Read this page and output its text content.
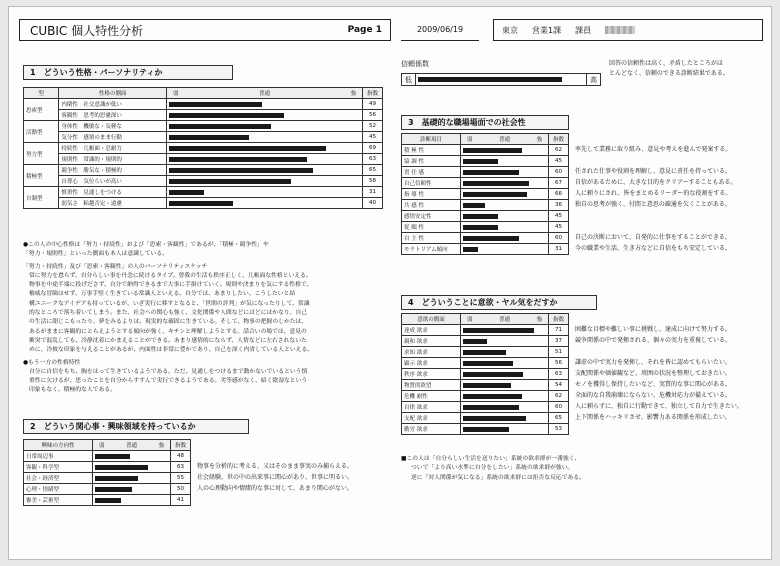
CUBIC 個人特性分析	Page 1	2009/06/19	東京 営業1課 課員
信頼係数
低	高
回答の信頼性は高く、矛盾したところがほ
とんどなく、信頼のできる診断結果である。
1 どういう性格・パーソナリティか
型	性格の側面	弱 普通 強	指数
思索型	内閉性　社交意識が低い		49
	客観性　思考的思慮深い		56
活動型	身体性　機敏な・気軽な		52
	気分性　感情のまま行動		45
努力型	持続性　几帳面・忍耐力		69
	規則性　常識的・規則的		63
積極型	競争性　勝気な・積極的		65
	自尊心　気位らいが高い		58
自制型	慎重性　見通しをつける		31
	弱気さ　粘越否定・遠慮		40
●この人の中心性格は「努力・持続性」および「思索・客観性」であるが、「積極・競争性」や
「努力・規則性」といった側面も本人は意識している。
「努力・持続性」及び「思索・客観性」の人のパーソナリティスケッチ
常に努力を怠らず、自分らしい事を丹念に続けるタイプ。曾我の生活も秩序正しく、几帳面な性格といえる。
物事を中途半端に投げださず、自分で納得できるまで大事に手掛けていく。規則や決まりを気にする性格で、
権威な冒険はせず、万事手堅く生きている常識人といえる。自分では、あまりしたい、こうしたいと結
構ユニークなアイデアも持っているが、いざ実行に移すとなると、「世間の評判」が気になったりして、常識
的なところで落ち着いてしまう。また、社会への関心も強く、文化関係や人間などにはどにはかなり、自己
の生活に閉じこもったり、夢をみるよりは、現実的な確固に生きている。そして、物事の把握のしかたは、
あるがままに客観的にとらえようとする傾向が強く、キチンと理解しようとする。話合いの場では、意見の
衝突で混乱しても、冷静沈着にかまえることができる。あまり感情的にならず、人情などに左右されないた
めに、冷彼な印象を与えることがあるが、内面性は非常に豊かであり、自己を深く内省している人といえる。
●もう一方の性格特性
自分に自信をもち、胸をはって生きているようである。ただ、見通しをつけるまで動かないでいるという慎
重性に欠けるが、思ったことを自分からすすんで実行できるようである。劣等感がなく、暗く陰湿なという
印象もなく、積極的な人である。
2 どういう関心事・興味領域を持っているか
興味の方向性	弱 普通 強	指数
日常周辺事		48
客観・科学型		63
社会・経済型		55
心理・情緒型		50
審美・芸術型		41

物事を分析的に考える、又はそのまま事実のみ捕らえる。
社会経験、世の中の出来事に関心があり、世事に明るい。
人の心理動向や情緒的な事に対して、あまり関心がない。

3 基礎的な職場場面での社会性
診断項目	弱 普通 強	指数
積 極 性		62
協 調 性		45
責 任 感		60
自己信頼性		67
指 導 性		66
共 感 性		36
感情安定性		45
従 順 性		45
自 主 性		60
モラトリアム傾向		31
率先して業務に取り組み、意見や考えを進んで発案する。

任された仕事や役割を理解し、意見に責任を持っている。
自信があるために、大きな目的をクリアーすることもある。
人に頼りにされ、皆をまとめるリーダー的な役割をする。
独自の思考が強く、付間と意思の疎通を欠くことがある。

自己の決断において、自発的に仕事をすることができる。
今の職業や生活、生き方などに自信をもち安定している。
4 どういうことに意欲・ヤル気をだすか
意欲の側面	弱 普通 強	指数
達成 欲求		71
親和 欲求		37
求知 欲求		51
顕示 欲求		56
秩序 欲求		63
物質的欲望		54
危機 耐性		62
自律 欲求		60
支配 欲求		65
勤労 欲求		53
困難な目標や難しい事に挑戦し、達成に向けて努力する。
競争関係の中で発揮される、個々の実力を重視している。

謙虚の中で実力を発揮し、それを皆に認めてもらいたい。
支配関係や価値観など、周囲の状況を整理しておきたい。
モノを獲得し保持したいなど、実質的な事に関心がある。
全面的な自我崩壊にならない、危機対応力が備えている。
人に頼らずに、独自に行動できて、独立して自力で生きたい。
上下関係をハッキリさせ、影響力ある関係を形成したい。

■この人は「自分らしい生活を送りたい」系統の欲求群が一番強く、
ついで「より高い水準に自分をしたい」系統の欲求群が強い。
逆に「対人関係が気になる」系統の欲求群には拒否な反応である。
